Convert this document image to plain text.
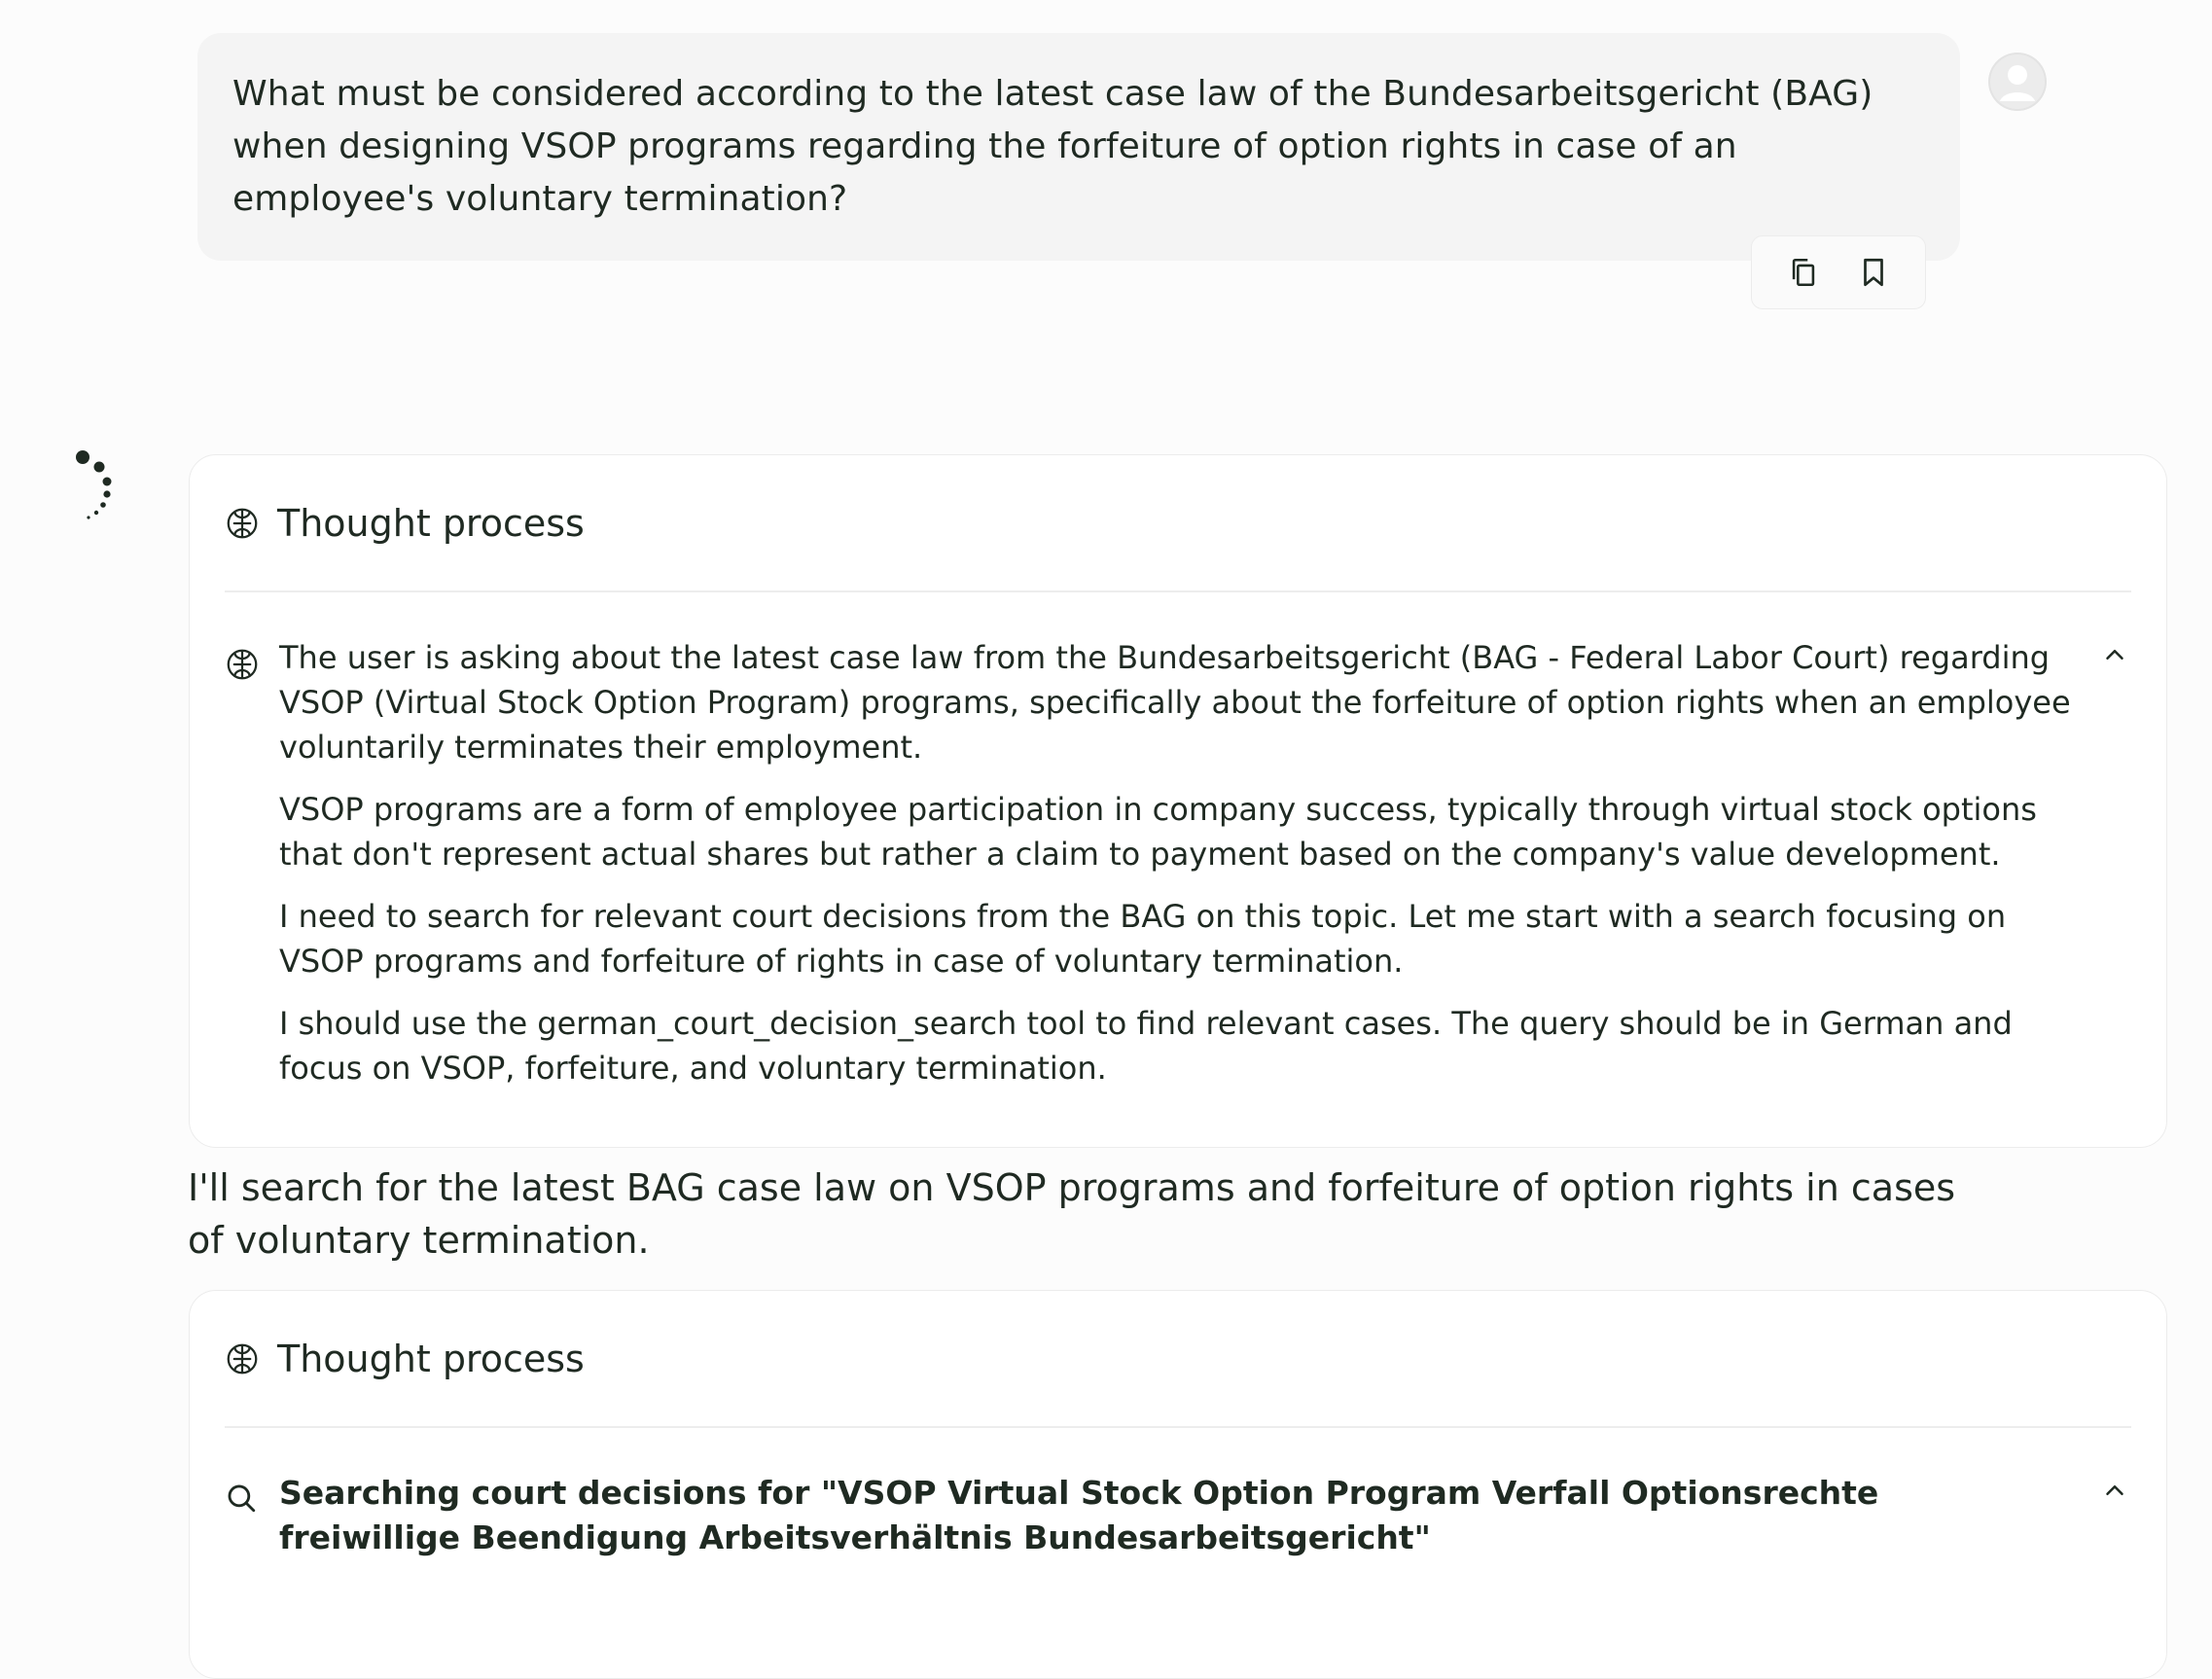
What must be considered according to the latest case law of the Bundesarbeitsgericht (BAG) when designing VSOP programs regarding the forfeiture of option rights in case of an employee's voluntary termination?
Thought process

The user is asking about the latest case law from the Bundesarbeitsgericht (BAG - Federal Labor Court) regarding VSOP (Virtual Stock Option Program) programs, specifically about the forfeiture of option rights when an employee voluntarily terminates their employment.

VSOP programs are a form of employee participation in company success, typically through virtual stock options that don't represent actual shares but rather a claim to payment based on the company's value development.

I need to search for relevant court decisions from the BAG on this topic. Let me start with a search focusing on VSOP programs and forfeiture of rights in case of voluntary termination.

I should use the german_court_decision_search tool to find relevant cases. The query should be in German and focus on VSOP, forfeiture, and voluntary termination.

I'll search for the latest BAG case law on VSOP programs and forfeiture of option rights in cases of voluntary termination.
Thought process
Searching court decisions for "VSOP Virtual Stock Option Program Verfall Optionsrechte freiwillige Beendigung Arbeitsverhältnis Bundesarbeitsgericht"
